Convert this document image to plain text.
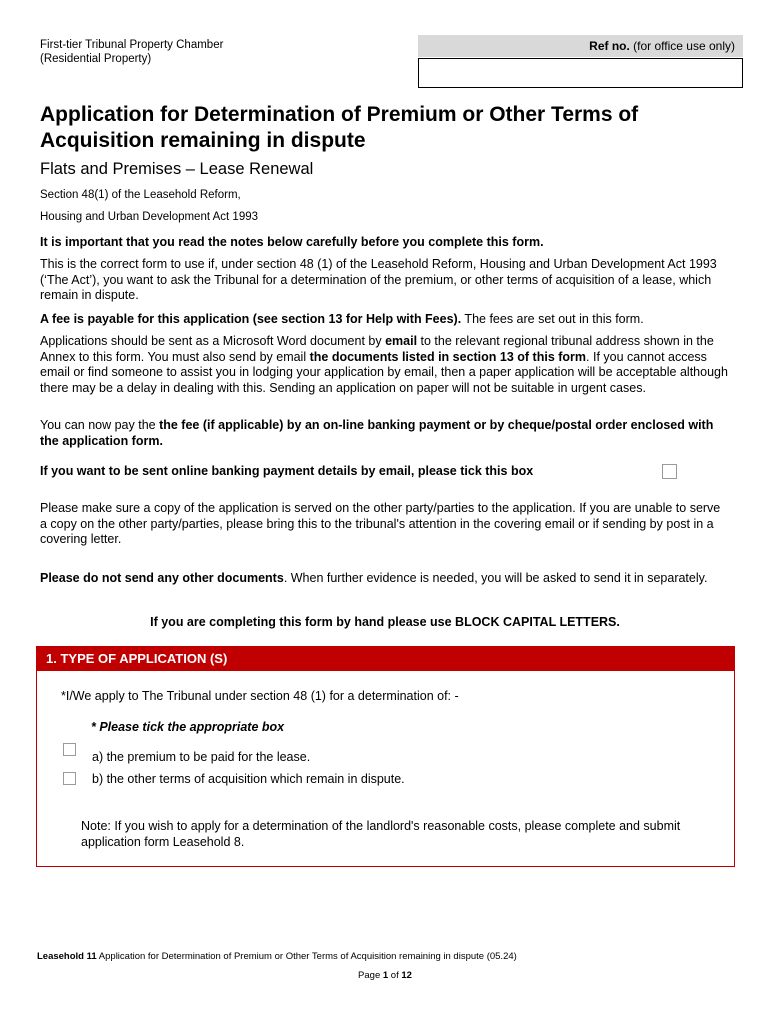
First-tier Tribunal Property Chamber
(Residential Property)
Ref no. (for office use only)
Application for Determination of Premium or Other Terms of Acquisition remaining in dispute
Flats and Premises – Lease Renewal
Section 48(1) of the Leasehold Reform,
Housing and Urban Development Act 1993
It is important that you read the notes below carefully before you complete this form.
This is the correct form to use if, under section 48 (1) of the Leasehold Reform, Housing and Urban Development Act 1993 (‘The Act’), you want to ask the Tribunal for a determination of the premium, or other terms of acquisition of a lease, which remain in dispute.
A fee is payable for this application (see section 13 for Help with Fees). The fees are set out in this form.
Applications should be sent as a Microsoft Word document by email to the relevant regional tribunal address shown in the Annex to this form. You must also send by email the documents listed in section 13 of this form. If you cannot access email or find someone to assist you in lodging your application by email, then a paper application will be acceptable although there may be a delay in dealing with this. Sending an application on paper will not be suitable in urgent cases.
You can now pay the the fee (if applicable) by an on-line banking payment or by cheque/postal order enclosed with the application form.
If you want to be sent online banking payment details by email, please tick this box
Please make sure a copy of the application is served on the other party/parties to the application. If you are unable to serve a copy on the other party/parties, please bring this to the tribunal's attention in the covering email or if sending by post in a covering letter.
Please do not send any other documents. When further evidence is needed, you will be asked to send it in separately.
If you are completing this form by hand please use BLOCK CAPITAL LETTERS.
1. TYPE OF APPLICATION (S)
*I/We apply to The Tribunal under section 48 (1) for a determination of: -
* Please tick the appropriate box
a) the premium to be paid for the lease.
b) the other terms of acquisition which remain in dispute.
Note: If you wish to apply for a determination of the landlord's reasonable costs, please complete and submit application form Leasehold 8.
Leasehold 11 Application for Determination of Premium or Other Terms of Acquisition remaining in dispute (05.24)
Page 1 of 12
